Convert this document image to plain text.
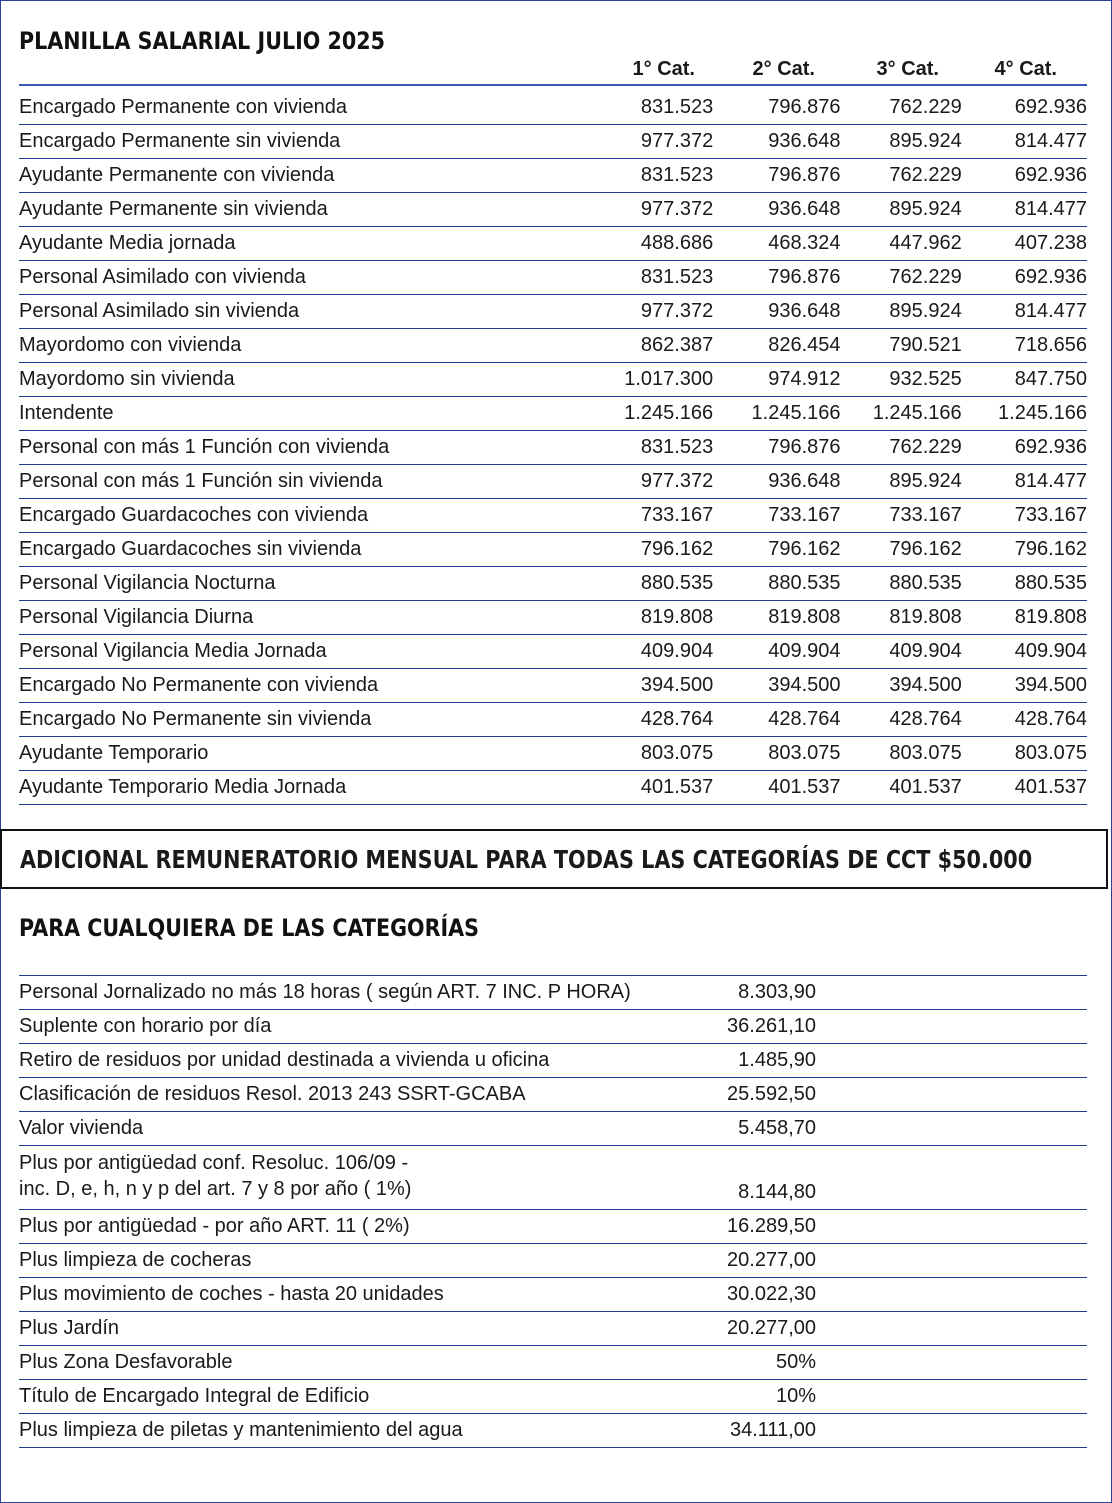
PLANILLA SALARIAL JULIO 2025
1° Cat.	2° Cat.	3° Cat.	4° Cat.
Encargado Permanente con vivienda	831.523	796.876	762.229	692.936
Encargado Permanente sin vivienda	977.372	936.648	895.924	814.477
Ayudante Permanente con vivienda	831.523	796.876	762.229	692.936
Ayudante Permanente sin vivienda	977.372	936.648	895.924	814.477
Ayudante Media jornada	488.686	468.324	447.962	407.238
Personal Asimilado con vivienda	831.523	796.876	762.229	692.936
Personal Asimilado sin vivienda	977.372	936.648	895.924	814.477
Mayordomo con vivienda	862.387	826.454	790.521	718.656
Mayordomo sin vivienda	1.017.300	974.912	932.525	847.750
Intendente	1.245.166	1.245.166	1.245.166	1.245.166
Personal con más 1 Función con vivienda	831.523	796.876	762.229	692.936
Personal con más 1 Función sin vivienda	977.372	936.648	895.924	814.477
Encargado Guardacoches con vivienda	733.167	733.167	733.167	733.167
Encargado Guardacoches sin vivienda	796.162	796.162	796.162	796.162
Personal Vigilancia Nocturna	880.535	880.535	880.535	880.535
Personal Vigilancia Diurna	819.808	819.808	819.808	819.808
Personal Vigilancia Media Jornada	409.904	409.904	409.904	409.904
Encargado No Permanente con vivienda	394.500	394.500	394.500	394.500
Encargado No Permanente sin vivienda	428.764	428.764	428.764	428.764
Ayudante Temporario	803.075	803.075	803.075	803.075
Ayudante Temporario Media Jornada	401.537	401.537	401.537	401.537
ADICIONAL REMUNERATORIO MENSUAL PARA TODAS LAS CATEGORÍAS DE CCT $50.000
PARA CUALQUIERA DE LAS CATEGORÍAS
Personal Jornalizado no más 18 horas ( según ART. 7 INC. P HORA)	8.303,90	

Suplente con horario por día	36.261,10	

Retiro de residuos por unidad destinada a vivienda u oficina	1.485,90	

Clasificación de residuos Resol. 2013 243 SSRT-GCABA	25.592,50	

Valor vivienda	5.458,70	

Plus por antigüedad conf. Resoluc. 106/09 -
inc. D, e, h, n y p del art. 7 y 8 por año ( 1%)	8.144,80	

Plus por antigüedad - por año ART. 11 ( 2%)	16.289,50	

Plus limpieza de cocheras	20.277,00	

Plus movimiento de coches - hasta 20 unidades	30.022,30	

Plus Jardín	20.277,00	

Plus Zona Desfavorable	50%	

Título de Encargado Integral de Edificio	10%	

Plus limpieza de piletas y mantenimiento del agua	34.111,00	
